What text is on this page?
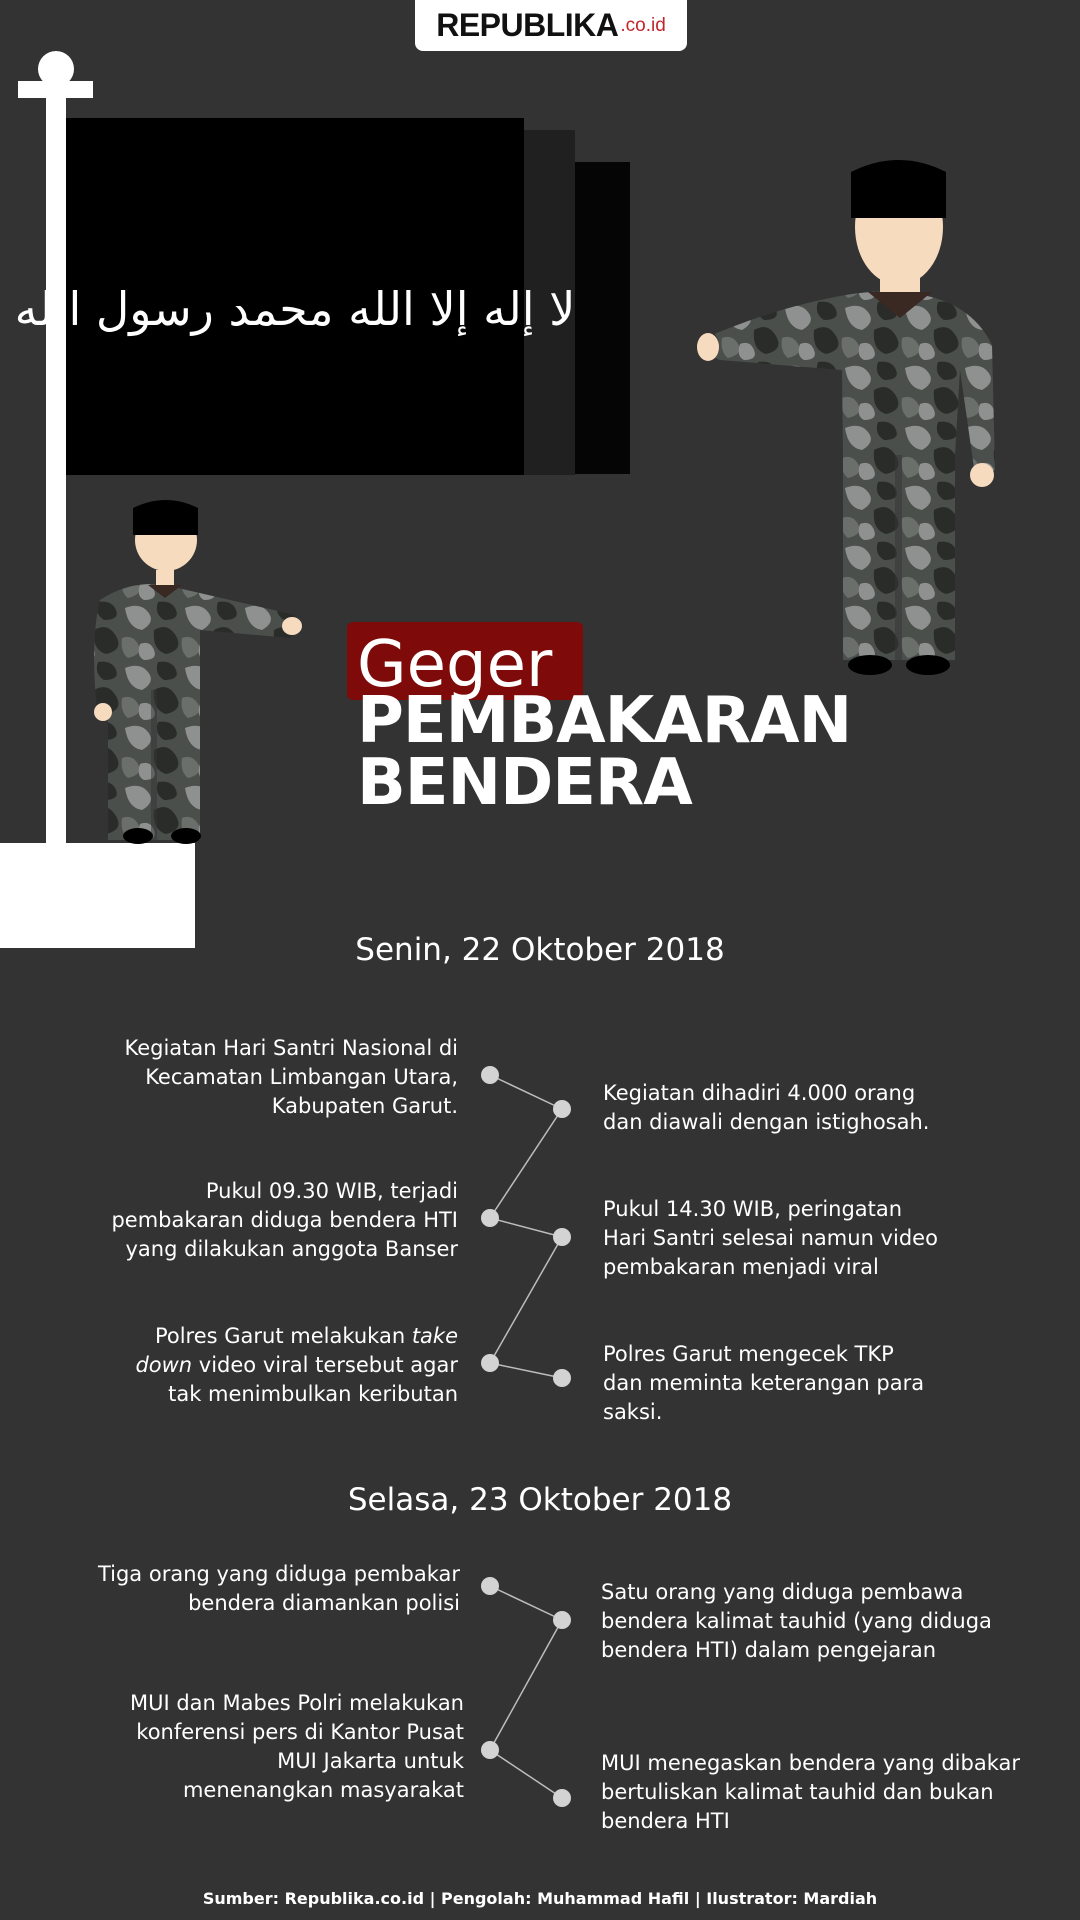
REPUBLIKA .co.id
لا إله إلا الله محمد رسول الله
Geger
PEMBAKARAN
BENDERA
Senin, 22 Oktober 2018
Kegiatan Hari Santri Nasional di
Kecamatan Limbangan Utara,
Kabupaten Garut.
Kegiatan dihadiri 4.000 orang
dan diawali dengan istighosah.
Pukul 09.30 WIB, terjadi
pembakaran diduga bendera HTI
yang dilakukan anggota Banser
Pukul 14.30 WIB, peringatan
Hari Santri selesai namun video
pembakaran menjadi viral
Polres Garut melakukan take
down video viral tersebut agar
tak menimbulkan keributan
Polres Garut mengecek TKP
dan meminta keterangan para
saksi.
Selasa, 23 Oktober 2018
Tiga orang yang diduga pembakar
bendera diamankan polisi	Satu orang yang diduga pembawa
bendera kalimat tauhid (yang diduga
bendera HTI) dalam pengejaran
MUI dan Mabes Polri melakukan
konferensi pers di Kantor Pusat
MUI Jakarta untuk
menenangkan masyarakat
MUI menegaskan bendera yang dibakar
bertuliskan kalimat tauhid dan bukan
bendera HTI
Sumber: Republika.co.id | Pengolah: Muhammad Hafil | Ilustrator: Mardiah
